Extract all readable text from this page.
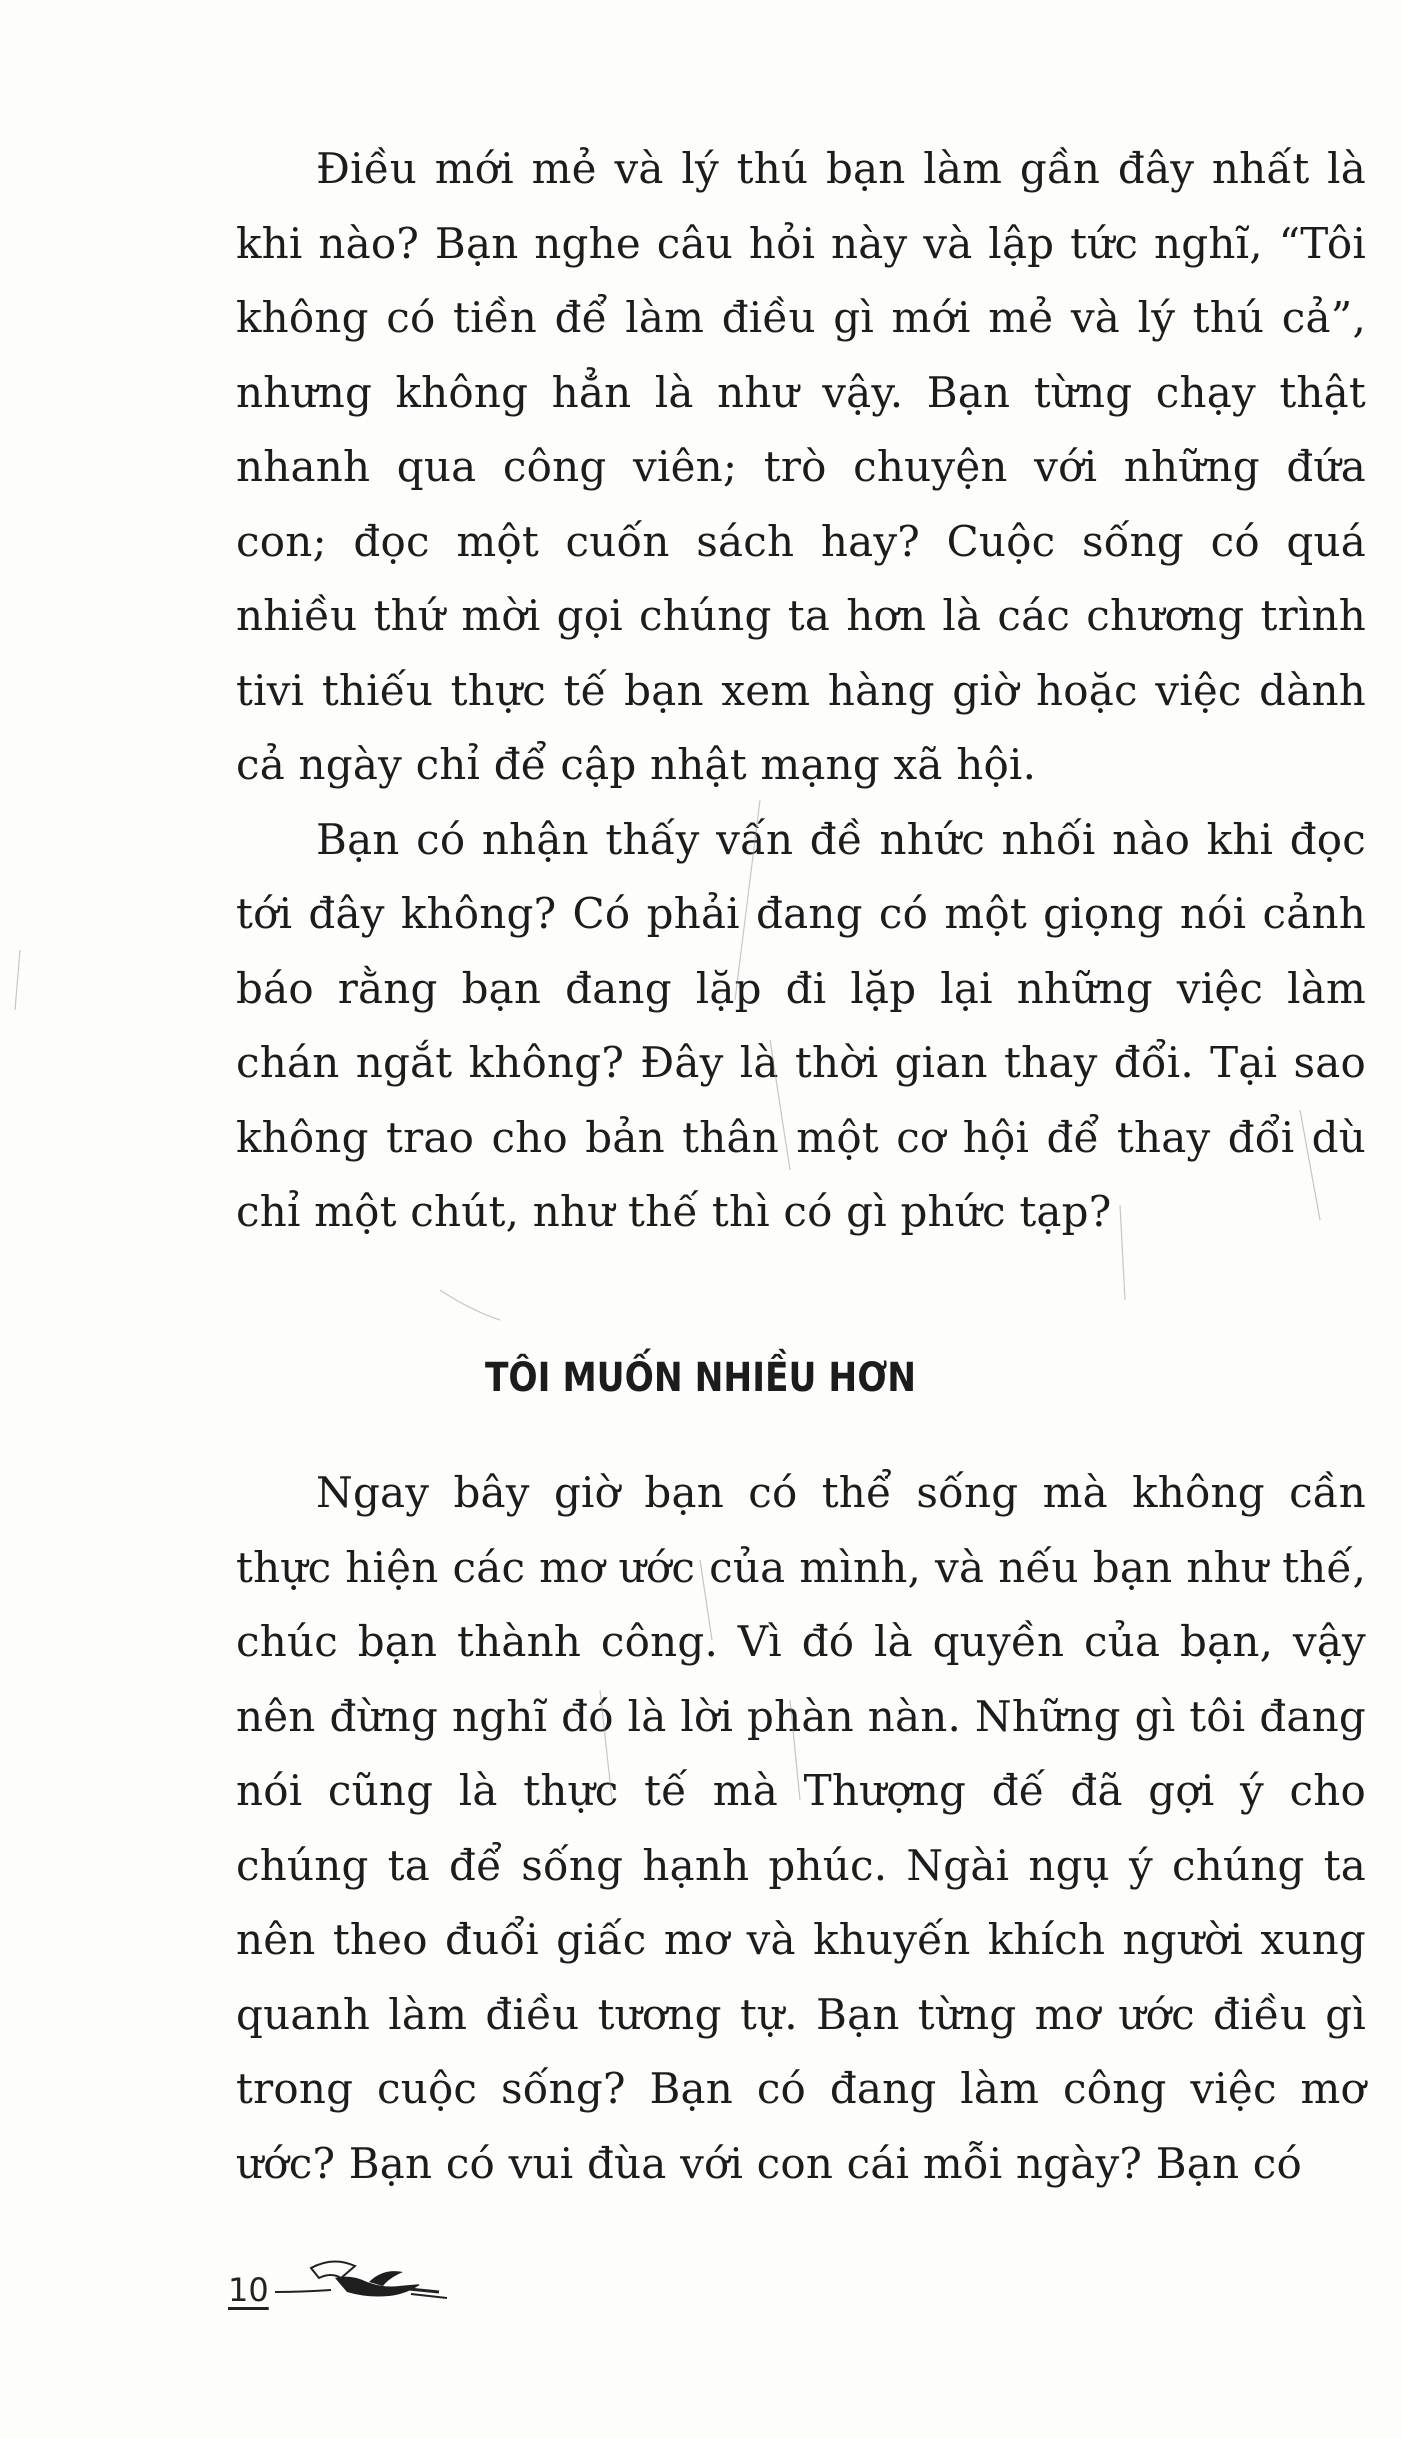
Điều mới mẻ và lý thú bạn làm gần đây nhất là khi nào? Bạn nghe câu hỏi này và lập tức nghĩ, “Tôi không có tiền để làm điều gì mới mẻ và lý thú cả”, nhưng không hẳn là như vậy. Bạn từng chạy thật nhanh qua công viên; trò chuyện với những đứa con; đọc một cuốn sách hay? Cuộc sống có quá nhiều thứ mời gọi chúng ta hơn là các chương trình tivi thiếu thực tế bạn xem hàng giờ hoặc việc dành cả ngày chỉ để cập nhật mạng xã hội.

Bạn có nhận thấy vấn đề nhức nhối nào khi đọc tới đây không? Có phải đang có một giọng nói cảnh báo rằng bạn đang lặp đi lặp lại những việc làm chán ngắt không? Đây là thời gian thay đổi. Tại sao không trao cho bản thân một cơ hội để thay đổi dù chỉ một chút, như thế thì có gì phức tạp?

TÔI MUỐN NHIỀU HƠN

Ngay bây giờ bạn có thể sống mà không cần thực hiện các mơ ước của mình, và nếu bạn như thế, chúc bạn thành công. Vì đó là quyền của bạn, vậy nên đừng nghĩ đó là lời phàn nàn. Những gì tôi đang nói cũng là thực tế mà Thượng đế đã gợi ý cho chúng ta để sống hạnh phúc. Ngài ngụ ý chúng ta nên theo đuổi giấc mơ và khuyến khích người xung quanh làm điều tương tự. Bạn từng mơ ước điều gì trong cuộc sống? Bạn có đang làm công việc mơ ước? Bạn có vui đùa với con cái mỗi ngày? Bạn có

10
